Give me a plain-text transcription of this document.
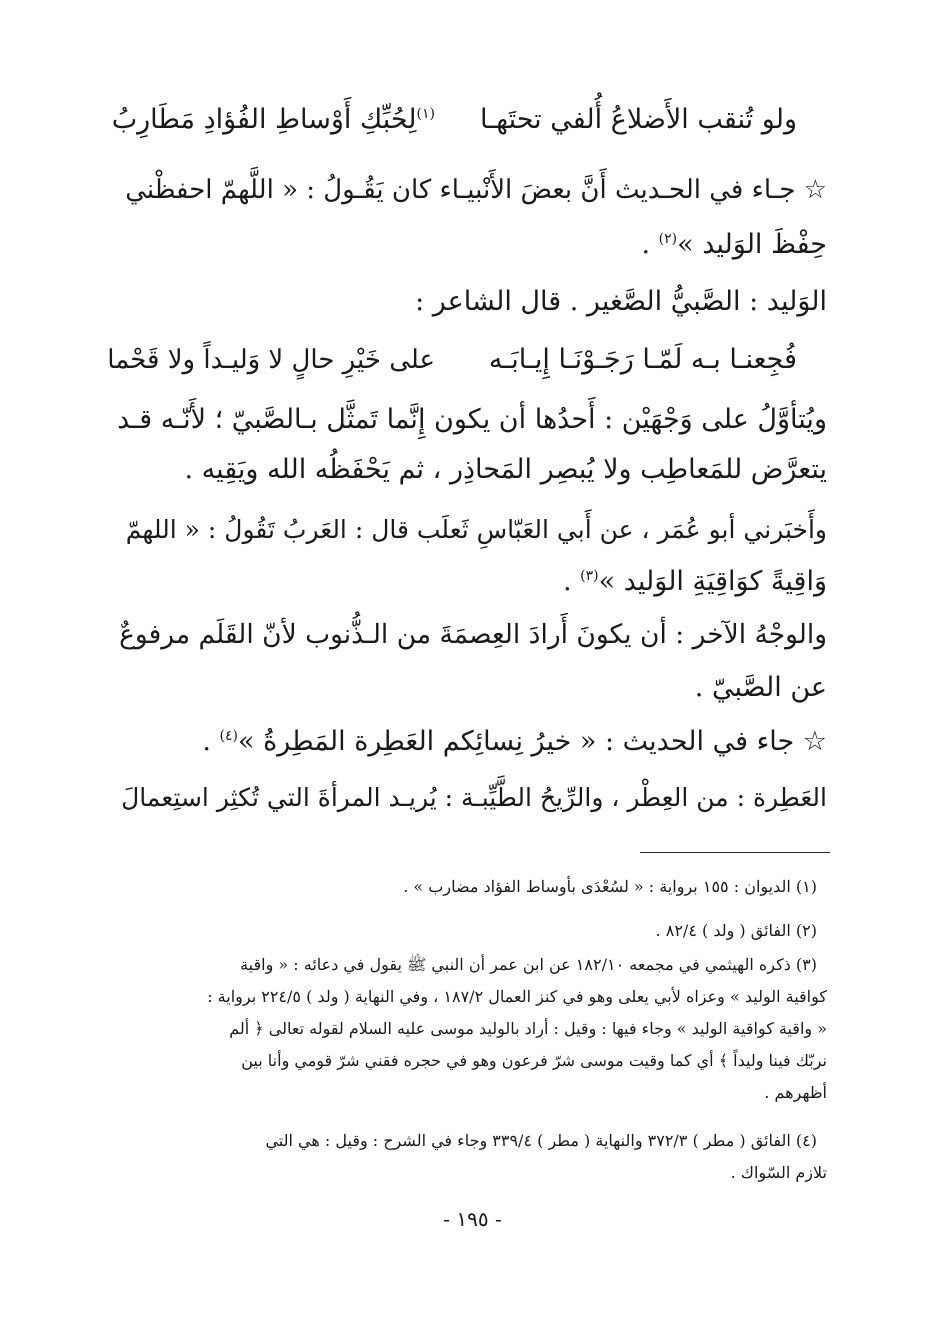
ولو تُنقب الأَضلاعُ أُلفي تحتَهـا
$^{(١)}$لِحُبِّكِ أَوْساطِ الفُؤادِ مَطَارِبُ
☆ جـاء في الحـديث أَنَّ بعضَ الأَنْبيـاء كان يَقُـولُ : « اللَّهمّ احفظْني
حِفْظَ الوَليد »$^{(٢)}$ .
الوَليد : الصَّبيُّ الصَّغير . قال الشاعر :
فُجِعنـا بـه لَمّـا رَجَـوْنَـا إِيـابَـه
على خَيْرِ حالٍ لا وَليـداً ولا قَحْما
ويُتأوَّلُ على وَجْهَيْن : أَحدُها أن يكون إِنَّما تَمثَّل بـالصَّبيّ ؛ لأَنّـه قـد
يتعرَّض للمَعاطِب ولا يُبصِر المَحاذِر ، ثم يَحْفَظُه الله ويَقِيه .
وأَخبَرني أبو عُمَر ، عن أَبي العَبّاسِ ثَعلَب قال : العَربُ تَقُولُ : « اللهمّ
وَاقِيةً كوَاقِيَةِ الوَليد »$^{(٣)}$ .
والوجْهُ الآخر : أن يكونَ أَرادَ العِصمَةَ من الـذُّنوب لأنّ القَلَم مرفوعٌ
عن الصَّبيّ .
☆ جاء في الحديث : « خيرُ نِسائِكم العَطِرة المَطِرةُ »$^{(٤)}$ .
العَطِرة : من العِطْر ، والرِّيحُ الطَّيِّبـة : يُريـد المرأةَ التي تُكثِر استِعمالَ
(١) الديوان : ١٥٥ برواية : « لسُعْدَى بأوساط الفؤاد مضارب » .
(٢) الفائق ( ولد ) ٨٢/٤ .
(٣) ذكره الهيثمي في مجمعه ١٨٢/١٠ عن ابن عمر أن النبي ﷺ يقول في دعائه : « واقية
كواقية الوليد » وعزاه لأبي يعلى وهو في كنز العمال ١٨٧/٢ ، وفي النهاية ( ولد ) ٢٢٤/٥ برواية :
« واقية كواقية الوليد » وجاء فيها : وقيل : أراد بالوليد موسى عليه السلام لقوله تعالى ﴿ ألم
نربّك فينا وليداً ﴾ أي كما وقيت موسى شرّ فرعون وهو في حجره فقني شرّ قومي وأنا بين
أظهرهم .
(٤) الفائق ( مطر ) ٣٧٢/٣ والنهاية ( مطر ) ٣٣٩/٤ وجاء في الشرح : وقيل : هي التي
تلازم السّواك .
- ١٩٥ -
